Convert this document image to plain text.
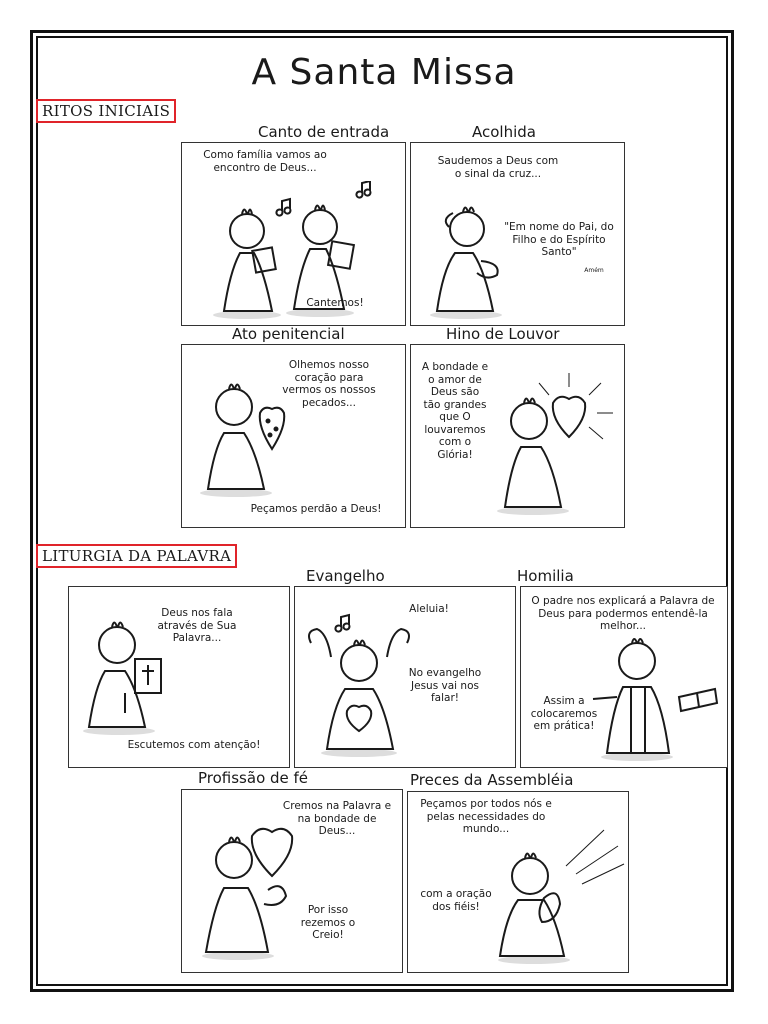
A Santa Missa
RITOS INICIAIS
Canto de entrada	Acolhida
Como família vamos ao encontro de Deus...
Cantemos!
Saudemos a Deus com o sinal da cruz...
"Em nome do Pai, do Filho e do Espírito Santo"
Amém
Ato penitencial	Hino de Louvor
Olhemos nosso coração para vermos os nossos pecados...
Peçamos perdão a Deus!
A bondade e o amor de Deus são tão grandes que O louvaremos com o Glória!
LITURGIA DA PALAVRA
Evangelho	Homilia
Deus nos fala através de Sua Palavra...
Escutemos com atenção!
Aleluia!
No evangelho Jesus vai nos falar!
O padre nos explicará a Palavra de Deus para podermos entendê-la melhor...
Assim a colocaremos em prática!
Profissão de fé	Preces da Assembléia
Cremos na Palavra e na bondade de Deus...
Por isso rezemos o Creio!
Peçamos por todos nós e pelas necessidades do mundo...
com a oração dos fiéis!
